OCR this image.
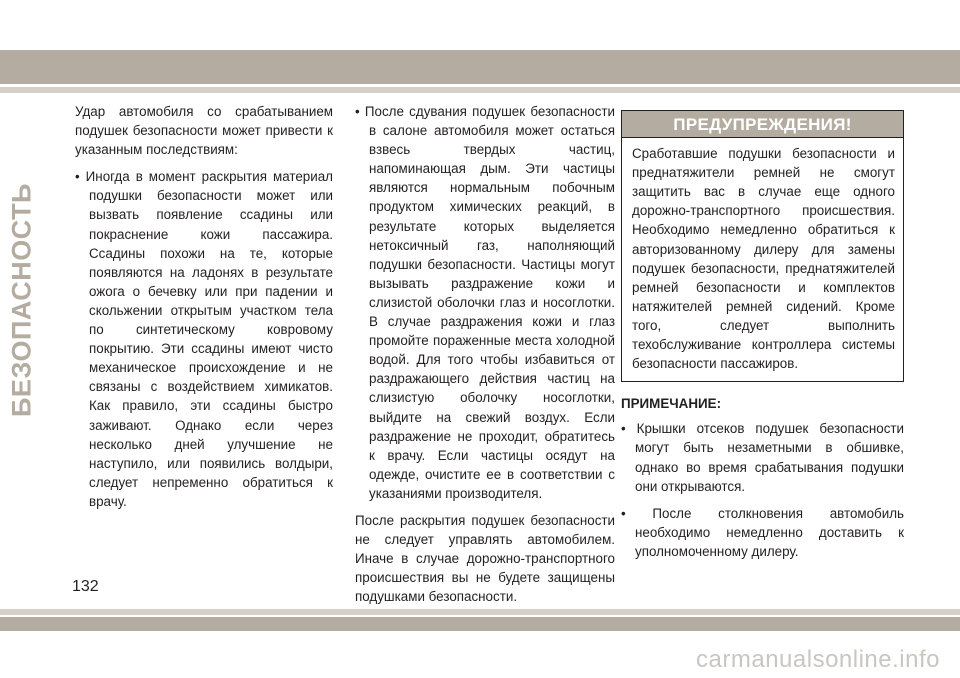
БЕЗОПАСНОСТЬ

Удар автомобиля со срабатыванием подушек безопасности может привести к указанным последствиям:

• Иногда в момент раскрытия материал подушки безопасности может или вызвать появление ссадины или покраснение кожи пассажира. Ссадины похожи на те, которые появляются на ладонях в результате ожога о бечевку или при падении и скольжении открытым участком тела по синтетическому ковровому покрытию. Эти ссадины имеют чисто механическое происхождение и не связаны с воздействием химикатов. Как правило, эти ссадины быстро заживают. Однако если через несколько дней улучшение не наступило, или появились волдыри, следует непременно обратиться к врачу.

• После сдувания подушек безопасности в салоне автомобиля может остаться взвесь твердых частиц, напоминающая дым. Эти частицы являются нормальным побочным продуктом химических реакций, в результате которых выделяется нетоксичный газ, наполняющий подушки безопасности. Частицы могут вызывать раздражение кожи и слизистой оболочки глаз и носоглотки. В случае раздражения кожи и глаз промойте пораженные места холодной водой. Для того чтобы избавиться от раздражающего действия частиц на слизистую оболочку носоглотки, выйдите на свежий воздух. Если раздражение не проходит, обратитесь к врачу. Если частицы осядут на одежде, очистите ее в соответствии с указаниями производителя.

После раскрытия подушек безопасности не следует управлять автомобилем. Иначе в случае дорожно-транспортного происшествия вы не будете защищены подушками безопасности.

ПРЕДУПРЕЖДЕНИЯ!
Сработавшие подушки безопасности и преднатяжители ремней не смогут защитить вас в случае еще одного дорожно-транспортного происшествия. Необходимо немедленно обратиться к авторизованному дилеру для замены подушек безопасности, преднатяжителей ремней безопасности и комплектов натяжителей ремней сидений. Кроме того, следует выполнить техобслуживание контроллера системы безопасности пассажиров.

ПРИМЕЧАНИЕ:

• Крышки отсеков подушек безопасности могут быть незаметными в обшивке, однако во время срабатывания подушки они открываются.

• После столкновения автомобиль необходимо немедленно доставить к уполномоченному дилеру.

132
carmanualsonline.info
